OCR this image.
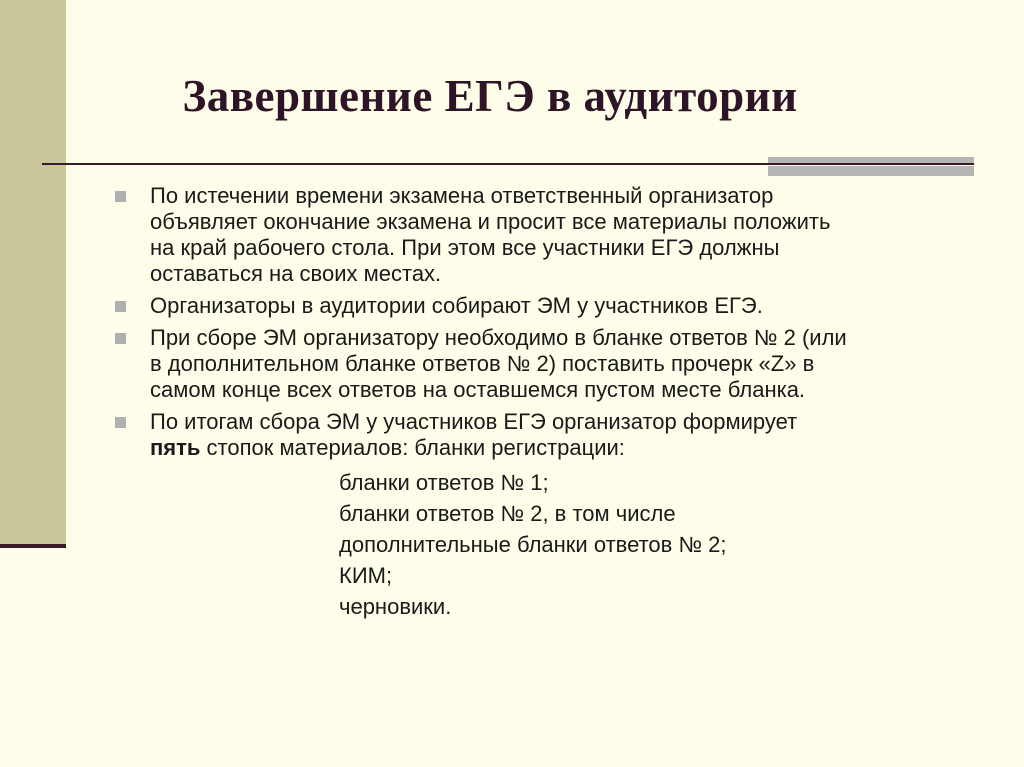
Завершение ЕГЭ в аудитории
По истечении времени экзамена ответственный организатор
объявляет окончание экзамена и просит все материалы положить
на край рабочего стола. При этом все участники ЕГЭ должны
оставаться на своих местах.
Организаторы в аудитории собирают ЭМ у участников ЕГЭ.
При сборе ЭМ организатору необходимо в бланке ответов № 2 (или
в дополнительном бланке ответов № 2) поставить прочерк «Z» в
самом конце всех ответов на оставшемся пустом месте бланка.
По итогам сбора ЭМ у участников ЕГЭ организатор формирует
пять стопок материалов: бланки регистрации:
бланки ответов № 1;
бланки ответов № 2, в том числе
дополнительные бланки ответов № 2;
КИМ;
черновики.
